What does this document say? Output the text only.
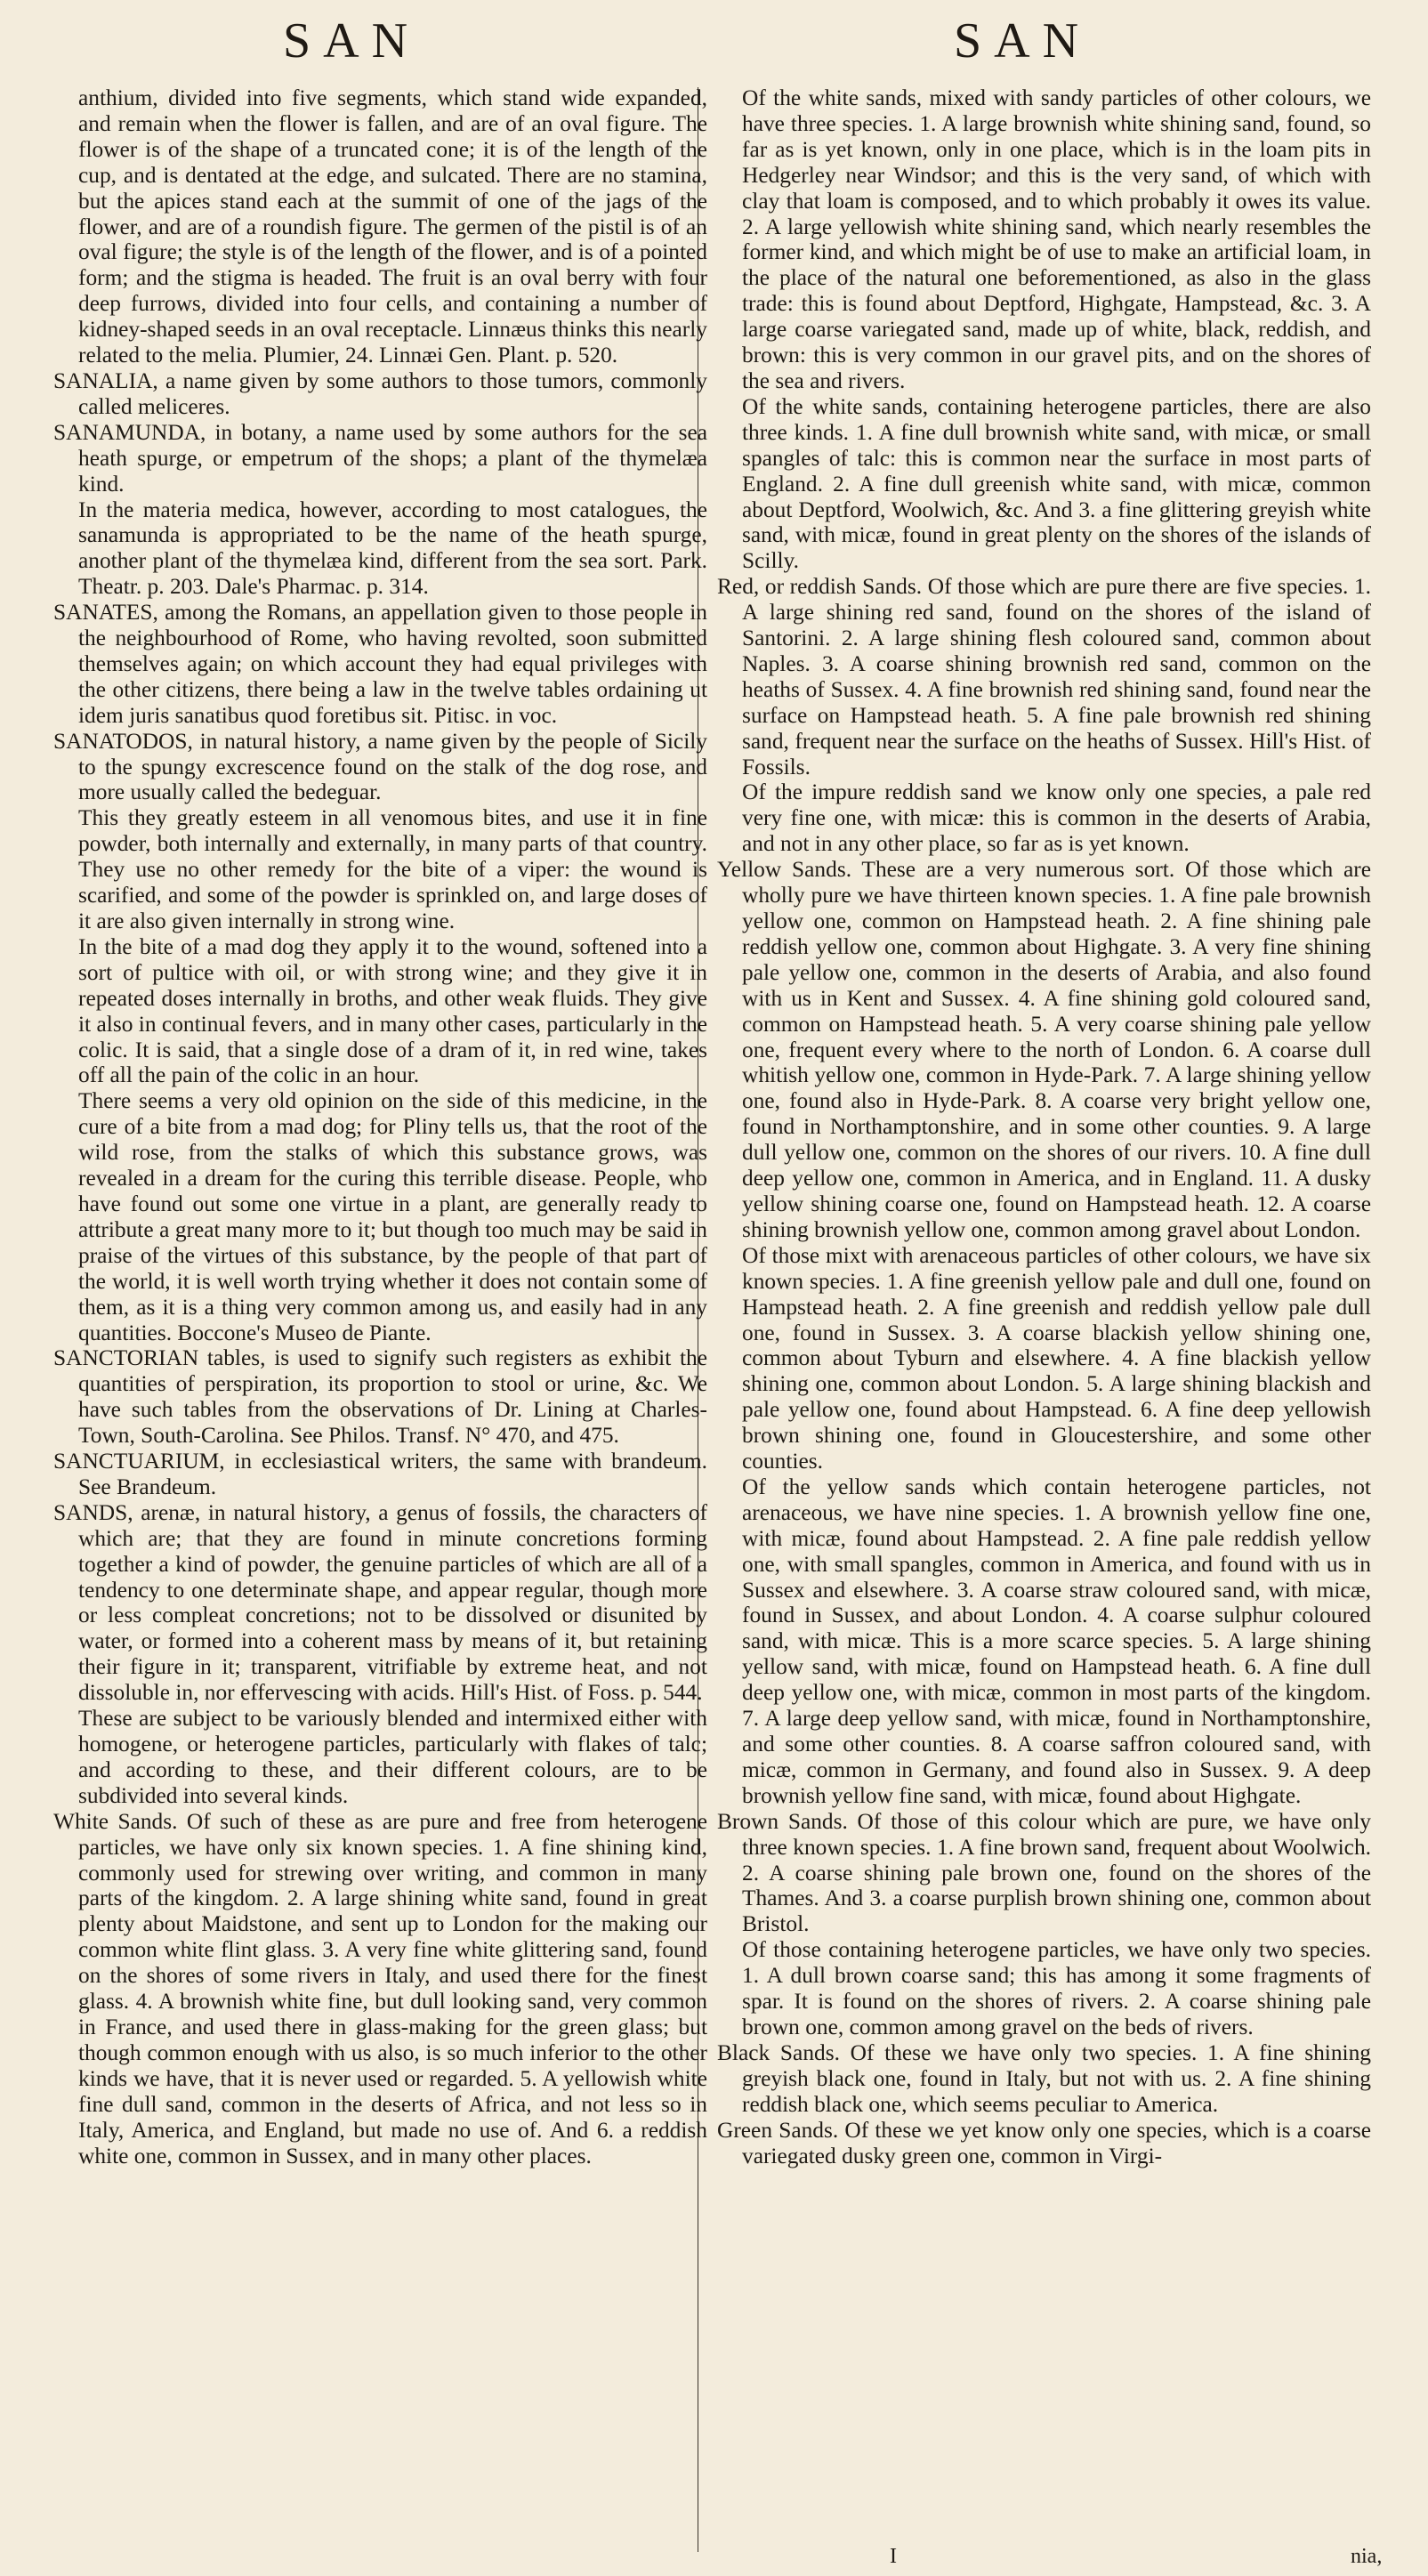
SAN	SAN

anthium, divided into five segments, which stand wide expanded, and remain when the flower is fallen, and are of an oval figure. The flower is of the shape of a truncated cone; it is of the length of the cup, and is dentated at the edge, and sulcated. There are no stamina, but the apices stand each at the summit of one of the jags of the flower, and are of a roundish figure. The germen of the pistil is of an oval figure; the style is of the length of the flower, and is of a pointed form; and the stigma is headed. The fruit is an oval berry with four deep furrows, divided into four cells, and containing a number of kidney-shaped seeds in an oval receptacle. Linnæus thinks this nearly related to the melia. Plumier, 24. Linnæi Gen. Plant. p. 520.

SANALIA, a name given by some authors to those tumors, commonly called meliceres.

SANAMUNDA, in botany, a name used by some authors for the sea heath spurge, or empetrum of the shops; a plant of the thymelæa kind.

In the materia medica, however, according to most catalogues, the sanamunda is appropriated to be the name of the heath spurge, another plant of the thymelæa kind, different from the sea sort. Park. Theatr. p. 203. Dale's Pharmac. p. 314.

SANATES, among the Romans, an appellation given to those people in the neighbourhood of Rome, who having revolted, soon submitted themselves again; on which account they had equal privileges with the other citizens, there being a law in the twelve tables ordaining ut idem juris sanatibus quod foretibus sit. Pitisc. in voc.

SANATODOS, in natural history, a name given by the people of Sicily to the spungy excrescence found on the stalk of the dog rose, and more usually called the bedeguar.

This they greatly esteem in all venomous bites, and use it in fine powder, both internally and externally, in many parts of that country. They use no other remedy for the bite of a viper: the wound is scarified, and some of the powder is sprinkled on, and large doses of it are also given internally in strong wine.

In the bite of a mad dog they apply it to the wound, softened into a sort of pultice with oil, or with strong wine; and they give it in repeated doses internally in broths, and other weak fluids. They give it also in continual fevers, and in many other cases, particularly in the colic. It is said, that a single dose of a dram of it, in red wine, takes off all the pain of the colic in an hour.

There seems a very old opinion on the side of this medicine, in the cure of a bite from a mad dog; for Pliny tells us, that the root of the wild rose, from the stalks of which this substance grows, was revealed in a dream for the curing this terrible disease. People, who have found out some one virtue in a plant, are generally ready to attribute a great many more to it; but though too much may be said in praise of the virtues of this substance, by the people of that part of the world, it is well worth trying whether it does not contain some of them, as it is a thing very common among us, and easily had in any quantities. Boccone's Museo de Piante.

SANCTORIAN tables, is used to signify such registers as exhibit the quantities of perspiration, its proportion to stool or urine, &c. We have such tables from the observations of Dr. Lining at Charles-Town, South-Carolina. See Philos. Transf. N° 470, and 475.

SANCTUARIUM, in ecclesiastical writers, the same with brandeum. See Brandeum.

SANDS, arenæ, in natural history, a genus of fossils, the characters of which are; that they are found in minute concretions forming together a kind of powder, the genuine particles of which are all of a tendency to one determinate shape, and appear regular, though more or less compleat concretions; not to be dissolved or disunited by water, or formed into a coherent mass by means of it, but retaining their figure in it; transparent, vitrifiable by extreme heat, and not dissoluble in, nor effervescing with acids. Hill's Hist. of Foss. p. 544.

These are subject to be variously blended and intermixed either with homogene, or heterogene particles, particularly with flakes of talc; and according to these, and their different colours, are to be subdivided into several kinds.

White Sands. Of such of these as are pure and free from heterogene particles, we have only six known species. 1. A fine shining kind, commonly used for strewing over writing, and common in many parts of the kingdom. 2. A large shining white sand, found in great plenty about Maidstone, and sent up to London for the making our common white flint glass. 3. A very fine white glittering sand, found on the shores of some rivers in Italy, and used there for the finest glass. 4. A brownish white fine, but dull looking sand, very common in France, and used there in glass-making for the green glass; but though common enough with us also, is so much inferior to the other kinds we have, that it is never used or regarded. 5. A yellowish white fine dull sand, common in the deserts of Africa, and not less so in Italy, America, and England, but made no use of. And 6. a reddish white one, common in Sussex, and in many other places.

Of the white sands, mixed with sandy particles of other colours, we have three species. 1. A large brownish white shining sand, found, so far as is yet known, only in one place, which is in the loam pits in Hedgerley near Windsor; and this is the very sand, of which with clay that loam is composed, and to which probably it owes its value. 2. A large yellowish white shining sand, which nearly resembles the former kind, and which might be of use to make an artificial loam, in the place of the natural one beforementioned, as also in the glass trade: this is found about Deptford, Highgate, Hampstead, &c. 3. A large coarse variegated sand, made up of white, black, reddish, and brown: this is very common in our gravel pits, and on the shores of the sea and rivers.

Of the white sands, containing heterogene particles, there are also three kinds. 1. A fine dull brownish white sand, with micæ, or small spangles of talc: this is common near the surface in most parts of England. 2. A fine dull greenish white sand, with micæ, common about Deptford, Woolwich, &c. And 3. a fine glittering greyish white sand, with micæ, found in great plenty on the shores of the islands of Scilly.

Red, or reddish Sands. Of those which are pure there are five species. 1. A large shining red sand, found on the shores of the island of Santorini. 2. A large shining flesh coloured sand, common about Naples. 3. A coarse shining brownish red sand, common on the heaths of Sussex. 4. A fine brownish red shining sand, found near the surface on Hampstead heath. 5. A fine pale brownish red shining sand, frequent near the surface on the heaths of Sussex. Hill's Hist. of Fossils.

Of the impure reddish sand we know only one species, a pale red very fine one, with micæ: this is common in the deserts of Arabia, and not in any other place, so far as is yet known.

Yellow Sands. These are a very numerous sort. Of those which are wholly pure we have thirteen known species. 1. A fine pale brownish yellow one, common on Hampstead heath. 2. A fine shining pale reddish yellow one, common about Highgate. 3. A very fine shining pale yellow one, common in the deserts of Arabia, and also found with us in Kent and Sussex. 4. A fine shining gold coloured sand, common on Hampstead heath. 5. A very coarse shining pale yellow one, frequent every where to the north of London. 6. A coarse dull whitish yellow one, common in Hyde-Park. 7. A large shining yellow one, found also in Hyde-Park. 8. A coarse very bright yellow one, found in Northamptonshire, and in some other counties. 9. A large dull yellow one, common on the shores of our rivers. 10. A fine dull deep yellow one, common in America, and in England. 11. A dusky yellow shining coarse one, found on Hampstead heath. 12. A coarse shining brownish yellow one, common among gravel about London.

Of those mixt with arenaceous particles of other colours, we have six known species. 1. A fine greenish yellow pale and dull one, found on Hampstead heath. 2. A fine greenish and reddish yellow pale dull one, found in Sussex. 3. A coarse blackish yellow shining one, common about Tyburn and elsewhere. 4. A fine blackish yellow shining one, common about London. 5. A large shining blackish and pale yellow one, found about Hampstead. 6. A fine deep yellowish brown shining one, found in Gloucestershire, and some other counties.

Of the yellow sands which contain heterogene particles, not arenaceous, we have nine species. 1. A brownish yellow fine one, with micæ, found about Hampstead. 2. A fine pale reddish yellow one, with small spangles, common in America, and found with us in Sussex and elsewhere. 3. A coarse straw coloured sand, with micæ, found in Sussex, and about London. 4. A coarse sulphur coloured sand, with micæ. This is a more scarce species. 5. A large shining yellow sand, with micæ, found on Hampstead heath. 6. A fine dull deep yellow one, with micæ, common in most parts of the kingdom. 7. A large deep yellow sand, with micæ, found in Northamptonshire, and some other counties. 8. A coarse saffron coloured sand, with micæ, common in Germany, and found also in Sussex. 9. A deep brownish yellow fine sand, with micæ, found about Highgate.

Brown Sands. Of those of this colour which are pure, we have only three known species. 1. A fine brown sand, frequent about Woolwich. 2. A coarse shining pale brown one, found on the shores of the Thames. And 3. a coarse purplish brown shining one, common about Bristol.

Of those containing heterogene particles, we have only two species. 1. A dull brown coarse sand; this has among it some fragments of spar. It is found on the shores of rivers. 2. A coarse shining pale brown one, common among gravel on the beds of rivers.

Black Sands. Of these we have only two species. 1. A fine shining greyish black one, found in Italy, but not with us. 2. A fine shining reddish black one, which seems peculiar to America.

Green Sands. Of these we yet know only one species, which is a coarse variegated dusky green one, common in Virgi-

I	nia,
